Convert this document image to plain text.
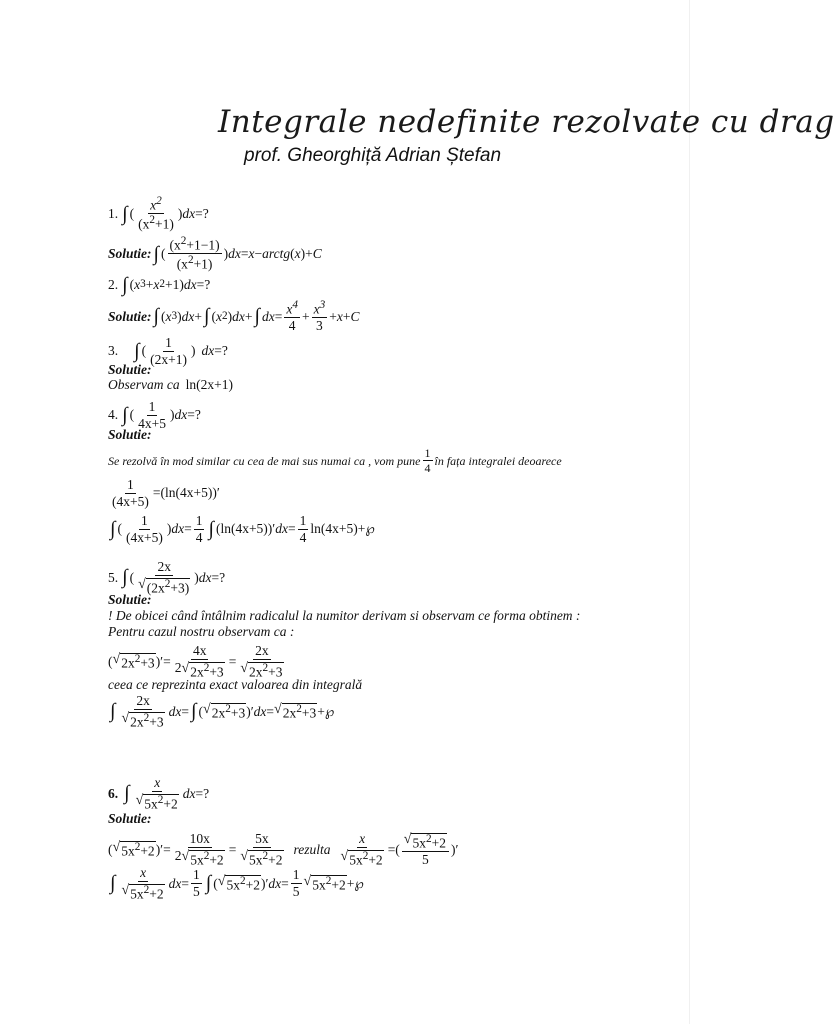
Integrale nedefinite rezolvate cu drag
prof. Gheorghiță Adrian Ștefan
1. ∫ ( $\frac{x^2}{(x^2+1)}$ ) dx =?
Solutie : ∫ ( $\frac{(x^2+1-1)}{(x^2+1)}$ ) dx = x − arctg ( x )+ C
2. ∫ ( x 3 + x 2 +1) dx =?
Solutie : ∫ ( x 3 ) dx + ∫ ( x 2 ) dx + ∫ dx = $\frac{x^4}{4} + \frac{x^3}{3} + x + C$
3. ∫ ( $\frac{1}{(2x+1)}$ ) dx =?
Solutie :
Observam ca ln(2x+1)
4. ∫ ( $\frac{1}{4x+5}$ ) dx =?
Solutie :
Se rezolvă în mod similar cu cea de mai sus numai ca , vom pune $\frac{1}{4}$ în fața integralei deoarece
$\frac{1}{(4x+5)} =(\ln(4x+5))'$
∫ ( $\frac{1}{(4x+5)}$ ) dx = $\frac{1}{4}$ ∫ (ln(4x+5))′ dx = $\frac{1}{4}$ ln(4x+5)+℘
5. ∫ ( $\frac{2x}{√ (2x^2+3)}$ ) dx =?
Solutie :
! De obicei când întâlnim radicalul la numitor derivam si observam ce forma obtinem :
Pentru cazul nostru observam ca :
( √ $2x^2+3$ )′= $\frac{4x}{2 √ 2x^2+3} = \frac{2x}{√ 2x^2+3}$
ceea ce reprezinta exact valoarea din integrală
∫ $\frac{2x}{√ 2x^2+3}$ dx = ∫ ( √ $2x^2+3$ )′ dx = √ $2x^2+3$ +℘
6. ∫ $\frac{x}{√ 5x^2+2}$ dx =?
Solutie :
( √ $5x^2+2$ )′= $\frac{10x}{2 √ 5x^2+2} = \frac{5x}{√ 5x^2+2}$ rezulta $\frac{x}{√ 5x^2+2}$ =( $\frac{√ 5x^2+2}{5}$ )′
∫ $\frac{x}{√ 5x^2+2}$ dx = $\frac{1}{5}$ ∫ ( √ $5x^2+2$ )′ dx = $\frac{1}{5}$ √ $5x^2+2$ +℘
